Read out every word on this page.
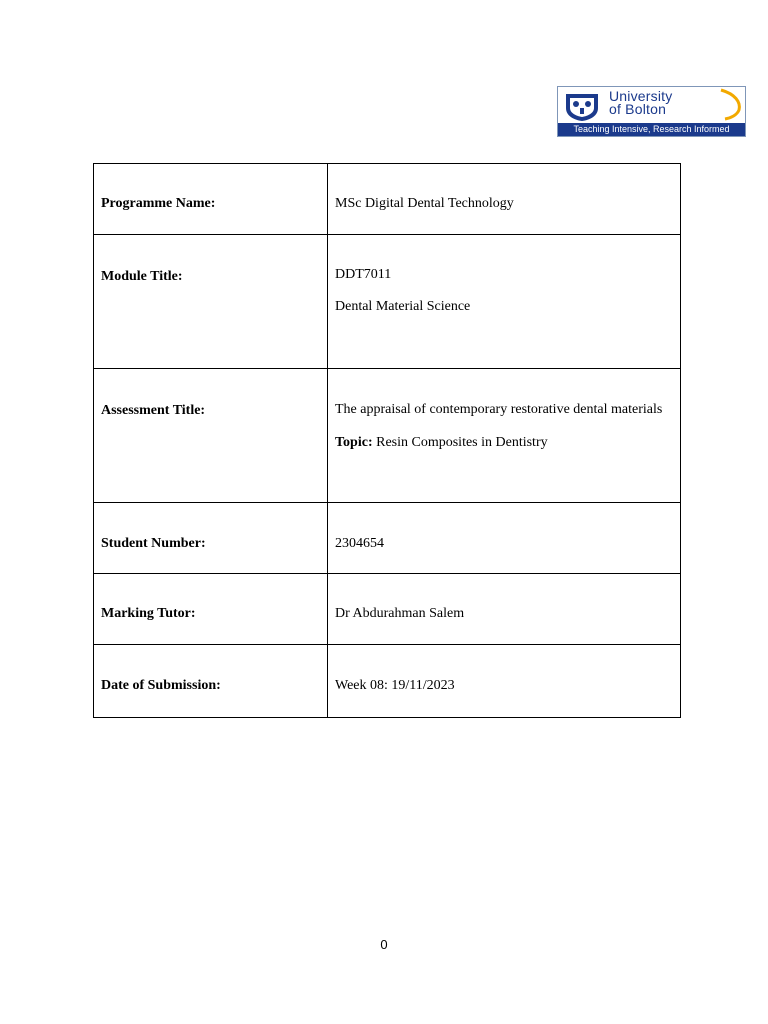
University
of Bolton
Teaching Intensive, Research Informed
Programme Name:	MSc Digital Dental Technology

Module Title:	DDT7011

Dental Material Science

Assessment Title:	The appraisal of contemporary restorative dental materials

Topic: Resin Composites in Dentistry

Student Number:	2304654

Marking Tutor:	Dr Abdurahman Salem

Date of Submission:	Week 08: 19/11/2023

0
